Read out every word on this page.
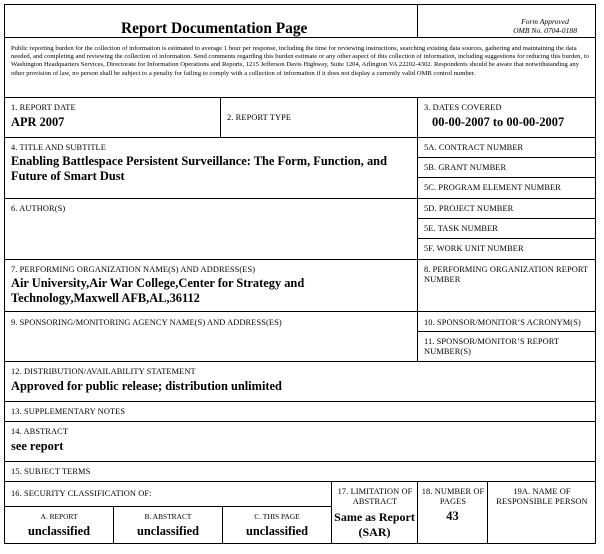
Report Documentation Page	Form Approved
OMB No. 0704-0188
Public reporting burden for the collection of information is estimated to average 1 hour per response, including the time for reviewing instructions, searching existing data sources, gathering and maintaining the data needed, and completing and reviewing the collection of information. Send comments regarding this burden estimate or any other aspect of this collection of information, including suggestions for reducing this burden, to Washington Headquarters Services, Directorate for Information Operations and Reports, 1215 Jefferson Davis Highway, Suite 1204, Arlington VA 22202-4302. Respondents should be aware that notwithstanding any other provision of law, no person shall be subject to a penalty for failing to comply with a collection of information if it does not display a currently valid OMB control number.
1. REPORT DATE
APR 2007	2. REPORT TYPE
3. DATES COVERED
00-00-2007 to 00-00-2007
4. TITLE AND SUBTITLE
Enabling Battlespace Persistent Surveillance: The Form, Function, and Future of Smart Dust
5A. CONTRACT NUMBER
5B. GRANT NUMBER
5C. PROGRAM ELEMENT NUMBER
6. AUTHOR(S)	5D. PROJECT NUMBER
5E. TASK NUMBER
5F. WORK UNIT NUMBER
7. PERFORMING ORGANIZATION NAME(S) AND ADDRESS(ES)
Air University,Air War College,Center for Strategy and Technology,Maxwell AFB,AL,36112
8. PERFORMING ORGANIZATION REPORT NUMBER
9. SPONSORING/MONITORING AGENCY NAME(S) AND ADDRESS(ES)	10. SPONSOR/MONITOR’S ACRONYM(S)
11. SPONSOR/MONITOR’S REPORT NUMBER(S)
12. DISTRIBUTION/AVAILABILITY STATEMENT
Approved for public release; distribution unlimited
13. SUPPLEMENTARY NOTES
14. ABSTRACT
see report
15. SUBJECT TERMS
16. SECURITY CLASSIFICATION OF:
A. REPORT
unclassified
B. ABSTRACT
unclassified
C. THIS PAGE
unclassified
17. LIMITATION OF ABSTRACT
Same as Report (SAR)
18. NUMBER OF PAGES
43
19A. NAME OF RESPONSIBLE PERSON
